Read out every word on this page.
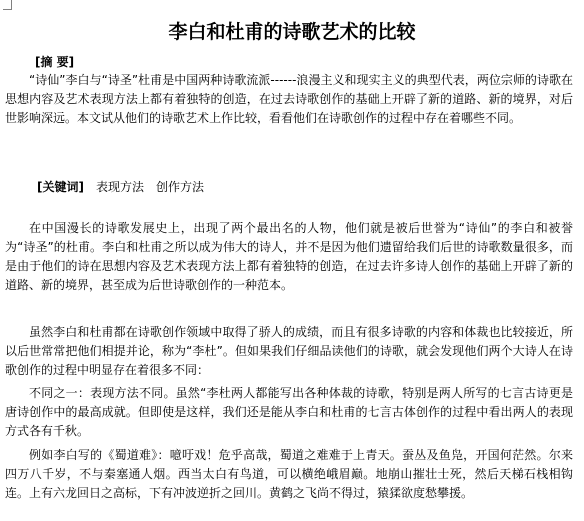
李白和杜甫的诗歌艺术的比较
[摘 要]

“诗仙”李白与“诗圣”杜甫是中国两种诗歌流派------浪漫主义和现实主义的典型代表，两位宗师的诗歌在思想内容及艺术表现方法上都有着独特的创造，在过去诗歌创作的基础上开辟了新的道路、新的境界，对后世影响深远。本文试从他们的诗歌艺术上作比较，看看他们在诗歌创作的过程中存在着哪些不同。

[关键词] 表现方法 创作方法

在中国漫长的诗歌发展史上，出现了两个最出名的人物，他们就是被后世誉为“诗仙”的李白和被誉为“诗圣”的杜甫。李白和杜甫之所以成为伟大的诗人，并不是因为他们遗留给我们后世的诗歌数量很多，而是由于他们的诗在思想内容及艺术表现方法上都有着独特的创造，在过去许多诗人创作的基础上开辟了新的道路、新的境界，甚至成为后世诗歌创作的一种范本。

虽然李白和杜甫都在诗歌创作领域中取得了骄人的成绩，而且有很多诗歌的内容和体裁也比较接近，所以后世常常把他们相提并论，称为“李杜”。但如果我们仔细品读他们的诗歌，就会发现他们两个大诗人在诗歌创作的过程中明显存在着很多不同：

不同之一：表现方法不同。虽然“李杜两人都能写出各种体裁的诗歌，特别是两人所写的七言古诗更是唐诗创作中的最高成就。但即使是这样，我们还是能从李白和杜甫的七言古体创作的过程中看出两人的表现方式各有千秋。

例如李白写的《蜀道难》：噫吁戏！危乎高哉，蜀道之难难于上青天。蚕丛及鱼凫，开国何茫然。尔来四万八千岁，不与秦塞通人烟。西当太白有鸟道，可以横绝峨眉巅。地崩山摧壮士死，然后天梯石栈相钩连。上有六龙回日之高标，下有冲波逆折之回川。黄鹤之飞尚不得过，猿猱欲度愁攀援。
